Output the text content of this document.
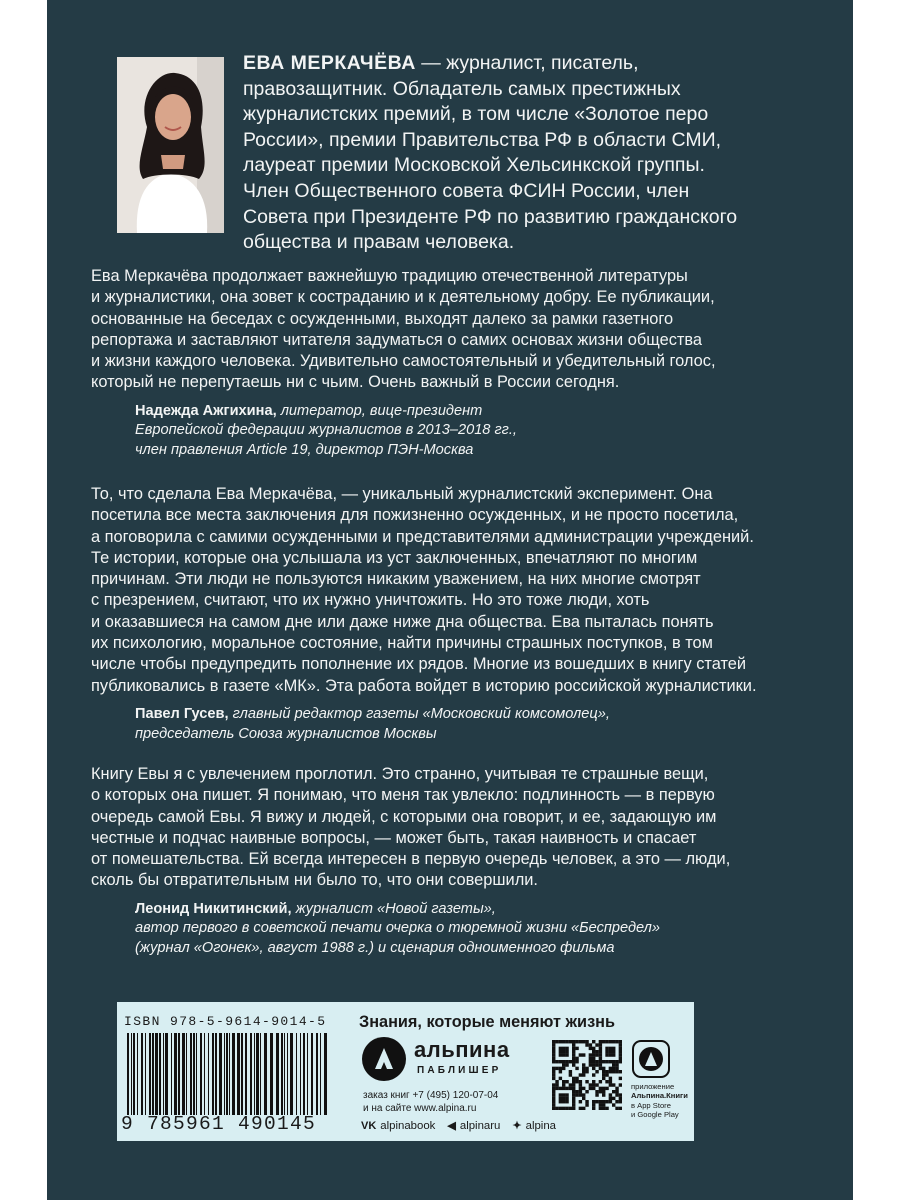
ЕВА МЕРКАЧЁВА — журналист, писатель,
правозащитник. Обладатель самых престижных
журналистских премий, в том числе «Золотое перо
России», премии Правительства РФ в области СМИ,
лауреат премии Московской Хельсинкской группы.
Член Общественного совета ФСИН России, член
Совета при Президенте РФ по развитию гражданского
общества и правам человека.
Ева Меркачёва продолжает важнейшую традицию отечественной литературы
и журналистики, она зовет к состраданию и к деятельному добру. Ее публикации,
основанные на беседах с осужденными, выходят далеко за рамки газетного
репортажа и заставляют читателя задуматься о самих основах жизни общества
и жизни каждого человека. Удивительно самостоятельный и убедительный голос,
который не перепутаешь ни с чьим. Очень важный в России сегодня.
Надежда Ажгихина, литератор, вице-президент
Европейской федерации журналистов в 2013–2018 гг.,
член правления Article 19, директор ПЭН-Москва
То, что сделала Ева Меркачёва, — уникальный журналистский эксперимент. Она
посетила все места заключения для пожизненно осужденных, и не просто посетила,
а поговорила с самими осужденными и представителями администрации учреждений.
Те истории, которые она услышала из уст заключенных, впечатляют по многим
причинам. Эти люди не пользуются никаким уважением, на них многие смотрят
с презрением, считают, что их нужно уничтожить. Но это тоже люди, хоть
и оказавшиеся на самом дне или даже ниже дна общества. Ева пыталась понять
их психологию, моральное состояние, найти причины страшных поступков, в том
числе чтобы предупредить пополнение их рядов. Многие из вошедших в книгу статей
публиковались в газете «МК». Эта работа войдет в историю российской журналистики.
Павел Гусев, главный редактор газеты «Московский комсомолец»,
председатель Союза журналистов Москвы
Книгу Евы я с увлечением проглотил. Это странно, учитывая те страшные вещи,
о которых она пишет. Я понимаю, что меня так увлекло: подлинность — в первую
очередь самой Евы. Я вижу и людей, с которыми она говорит, и ее, задающую им
честные и подчас наивные вопросы, — может быть, такая наивность и спасает
от помешательства. Ей всегда интересен в первую очередь человек, а это — люди,
сколь бы отвратительным ни было то, что они совершили.
Леонид Никитинский, журналист «Новой газеты»,
автор первого в советской печати очерка о тюремной жизни «Беспредел»
(журнал «Огонек», август 1988 г.) и сценария одноименного фильма
ISBN 978-5-9614-9014-5
9 785961 490145
Знания, которые меняют жизнь
альпина
ПАБЛИШЕР
заказ книг +7 (495) 120-07-04
и на сайте www.alpina.ru
VK alpinabook ◀ alpinaru ✦ alpina
приложение
Альпина.Книги
в App Store
и Google Play
